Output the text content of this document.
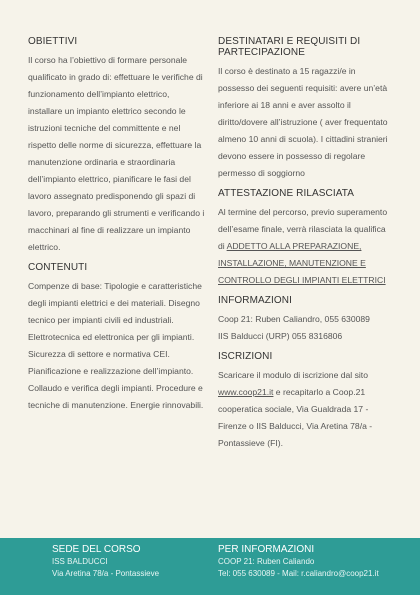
OBIETTIVI

Il corso ha l’obiettivo di formare personale qualificato in grado di: effettuare le verifiche di funzionamento dell’impianto elettrico, installare un impianto elettrico secondo le istruzioni tecniche del committente e nel rispetto delle norme di sicurezza, effettuare la manutenzione ordinaria e straordinaria dell’impianto elettrico, pianificare le fasi del lavoro assegnato predisponendo gli spazi di lavoro, preparando gli strumenti e verificando i macchinari al fine di realizzare un impianto elettrico.

CONTENUTI

Compenze di base: Tipologie e caratteristiche degli impianti elettrici e dei materiali. Disegno tecnico per impianti civili ed industriali. Elettrotecnica ed elettronica per gli impianti. Sicurezza di settore e normativa CEI. Pianificazione e realizzazione dell’impianto. Collaudo e verifica degli impianti. Procedure e tecniche di manutenzione. Energie rinnovabili.

DESTINATARI E REQUISITI DI PARTECIPAZIONE

Il corso è destinato a 15 ragazzi/e in possesso dei seguenti requisiti: avere un’età inferiore ai 18 anni e aver assolto il diritto/dovere all’istruzione ( aver frequentato almeno 10 anni di scuola). I cittadini stranieri devono essere in possesso di regolare permesso di soggiorno

ATTESTAZIONE RILASCIATA

Al termine del percorso, previo superamento dell’esame finale, verrà rilasciata la qualifica di ADDETTO ALLA PREPARAZIONE, INSTALLAZIONE, MANUTENZIONE E CONTROLLO DEGLI IMPIANTI ELETTRICI

INFORMAZIONI

Coop 21: Ruben Caliandro, 055 630089
IIS Balducci (URP) 055 8316806

ISCRIZIONI

Scaricare il modulo di iscrizione dal sito www.coop21.it e recapitarlo a Coop.21 cooperatica sociale, Via Gualdrada 17 - Firenze o IIS Balducci, Via Aretina 78/a - Pontassieve (FI).

SEDE DEL CORSO
ISS BALDUCCI
Via Aretina 78/a - Pontassieve
PER INFORMAZIONI
COOP 21: Ruben Caliando
Tel: 055 630089 - Mail: r.caliandro@coop21.it
